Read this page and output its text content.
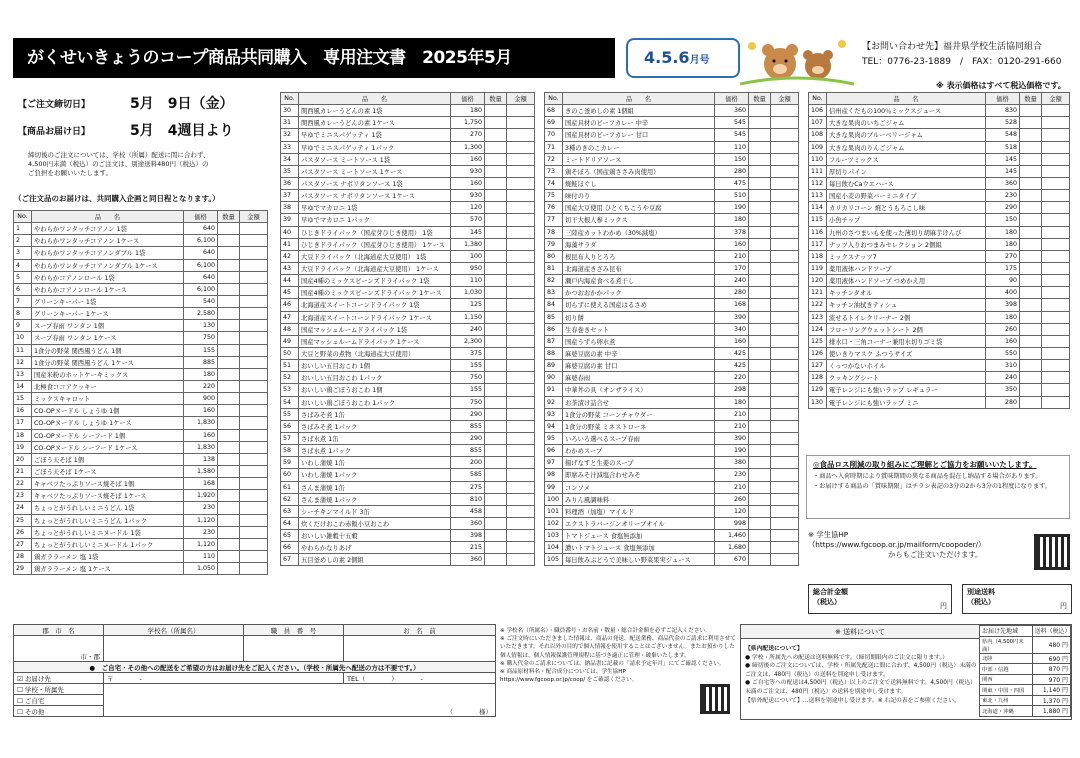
がくせいきょうのコープ商品共同購入　専用注文書　2025年5月	4.5.6月号
【お問い合わせ先】福井県学校生活協同組合
TEL：0776-23-1889　/　FAX：0120-291-660
※ 表示価格はすべて税込価格です。
【ご注文締切日】	5月　9日（金）
【商品お届け日】	5月　4週目より
締切後のご注文については、学校（所属）配送に間に合わず、
4,500円未満（税込）のご注文は、別途送料480円（税込）の
ご負担をお願いいたします。
（ご注文品のお届けは、共同購入企画と同日程となります。）
No.	品　　名	価格	数量	金額
1	やわらかワンタッチコアノン 1袋	640		
2	やわらかワンタッチコアノン 1ケース	6,100		
3	やわらかワンタッチコアノンダブル 1袋	640		
4	やわらかワンタッチコアノンダブル 1ケース	6,100		
5	やわらかコアノンロール 1袋	640		
6	やわらかコアノンロール 1ケース	6,100		
7	グリーンキーパー 1袋	540		
8	グリーンキーパー 1ケース	2,580		
9	スープ春雨 ワンタン 1個	130		
10	スープ春雨 ワンタン 1ケース	750		
11	1食分の野菜 関西風うどん 1個	155		
12	1食分の野菜 関西風うどん 1ケース	885		
13	国産米粉のホットケーキミックス	180		
14	北極食ココアクッキー	220		
15	ミックスキャロット	900		
16	CO-OPヌードル しょうゆ 1個	160		
17	CO-OPヌードル しょうゆ 1ケース	1,830		
18	CO-OPヌードル シーフード 1個	160		
19	CO-OPヌードル シーフード 1ケース	1,830		
20	ごぼう天そば 1個	138		
21	ごぼう天そば 1ケース	1,580		
22	キャベツたっぷりソース焼そば 1個	168		
23	キャベツたっぷりソース焼そば 1ケース	1,920		
24	ちょっとがうれしいミニうどん 1袋	230		
25	ちょっとがうれしいミニうどん 1パック	1,120		
26	ちょっとがうれしいミニヌードル 1袋	230		
27	ちょっとがうれしいミニヌードル 1パック	1,120		
28	鶏ガララーメン 塩 1袋	110		
29	鶏ガララーメン 塩 1ケース	1,050		
No.	品　　名	価格	数量	金額
30	関西風カレーうどんの素 1袋	180		
31	関西風カレーうどんの素 1ケース	1,750		
32	早ゆでミニスパゲッティ 1袋	270		
33	早ゆでミニスパゲッティ 1パック	1,300		
34	パスタソース ミートソース 1袋	160		
35	パスタソース ミートソース 1ケース	930		
36	パスタソース ナポリタンソース 1袋	160		
37	パスタソース ナポリタンソース 1ケース	930		
38	早ゆでマカロニ 1袋	120		
39	早ゆでマカロニ 1パック	570		
40	ひじきドライパック（国産芽ひじき使用） 1袋	145		
41	ひじきドライパック（国産芽ひじき使用） 1ケース	1,380		
42	大豆ドライパック（北海道産大豆使用） 1袋	100		
43	大豆ドライパック（北海道産大豆使用） 1ケース	950		
44	国産4種のミックスビーンズドライパック 1袋	110		
45	国産4種のミックスビーンズドライパック 1ケース	1,030		
46	北海道産スイートコーンドライパック 1袋	125		
47	北海道産スイートコーンドライパック 1ケース	1,150		
48	国産マッシュルームドライパック 1袋	240		
49	国産マッシュルームドライパック 1ケース	2,300		
50	大豆と野菜の煮物（北海道産大豆使用）	375		
51	おいしい五目おこわ 1個	155		
52	おいしい五目おこわ 1パック	750		
53	おいしい鶏ごぼうおこわ 1個	155		
54	おいしい鶏ごぼうおこわ 1パック	750		
55	さばみそ煮 1缶	290		
56	さばみそ煮 1パック	855		
57	さば水煮 1缶	290		
58	さば水煮 1パック	855		
59	いわし蒲焼 1缶	200		
60	いわし蒲焼 1パック	585		
61	さんま蒲焼 1缶	275		
62	さんま蒲焼 1パック	810		
63	シーチキンマイルド 3缶	458		
64	炊くだけおこわ赤飯小豆おこわ	360		
65	おいしい雑穀十五穀	398		
66	やわらかなりあげ	215		
67	五目釜めしの素 2個組	360		
No.	品　　名	価格	数量	金額
68	きのこ釜めしの素 1個組	360		
69	国産具材のビーフカレー 中辛	545		
70	国産具材のビーフカレー 甘口	545		
71	3種のきのこカレー	110		
72	ミートドリアソース	150		
73	鶏そぼろ（国産鶏ささみ肉使用）	280		
74	焼鮭ほぐし	475		
75	味付のり	510		
76	国産大豆使用 ひとくちこうや豆腐	190		
77	切干大根人参ミックス	180		
78	三陸産カットわかめ（30%減塩）	378		
79	海藻サラダ	160		
80	根昆布入りとろろ	210		
81	北海道産きざみ昆布	170		
82	瀬戸内海産食べる煮干し	240		
83	かつおおかかパック	280		
84	切らずに使える国産はるさめ	168		
85	切り餅	390		
86	生春巻きセット	340		
87	国産うずら卵水煮	160		
88	麻婆豆腐の素 中辛	425		
89	麻婆豆腐の素 甘口	425		
90	麻婆春雨	220		
91	中華丼の具（オンザライス）	298		
92	お茶漬け詰合せ	180		
93	1食分の野菜 コーンチャウダー	210		
94	1食分の野菜 ミネストローネ	210		
95	いろいろ選べるスープ春雨	390		
96	わかめスープ	190		
97	揚げなすと生姜のスープ	380		
98	即席みそ汁減塩合わせみそ	230		
99	コンソメ	210		
100	みりん風調味料	260		
101	料理酒（加塩）マイルド	120		
102	エクストラバージンオリーブオイル	998		
103	トマトジュース 食塩無添加	1,460		
104	濃いトマトジュース 食塩無添加	1,680		
105	毎日飲みぶどうで美味しい野菜果実ジュース	670		
No.	品　　名	価格	数量	金額
106	信州産くだもの100％ミックスジュース	830		
107	大きな果肉のいちごジャム	528		
108	大きな果肉のブルーベリージャム	548		
109	大きな果肉のりんごジャム	518		
110	フルーツミックス	145		
111	厚切りパイン	145		
112	毎日飲むCaウエハース	360		
113	国産小麦の野菜バーミニタイプ	230		
114	カリカリコーン 焼とうもろこし味	290		
115	小魚チップ	150		
116	九州のさつまいもを使った薄切り胡麻芋けんぴ	180		
117	ナッツ入りおつまみセレクション 2個組	180		
118	ミックスナッツ7	270		
119	薬用液体ハンドソープ	175		
120	薬用液体ハンドソープ つめかえ用	90		
121	キッチンタオル	400		
122	キッチン油拭きティシュ	398		
123	流せるトイレクリーナー 2個	180		
124	フローリングウェットシート 2個	260		
125	排水口・三角コーナー兼用水切りゴミ袋	160		
126	使いきりマスク ふつうサイズ	550		
127	くっつかないホイル	310		
128	クッキングシート	240		
129	電子レンジにも強いラップ レギュラー	350		
130	電子レンジにも強いラップ ミニ	280		
◎食品ロス削減の取り組みにご理解とご協力をお願いいたします。
・商品へ入荷時期により賞味期間の異なる商品を混在し納品する場合があります。
・お届けする商品の「賞味期限」はチラシ表記の3分の2から3分の1程度になります。
※ 学生協HP
（https://www.fgcoop.or.jp/mailform/coopoder/）
からもご注文いただけます。
総合計金額
（税込）	円
別途送料
（税込）	円
郡　市　名	学校名（所属名）	職　員　番　号	お　名　前
市・郡			
●　ご自宅・その他への配送をご希望の方はお届け先をご記入ください。（学校・所属先へ配送の方は不要です。）			
☑ お届け先	〒　　　　-		TEL（　　　　）　　　　-
☐ 学校・所属先	（　　　　様）		
☐ ご自宅			
☐ その他			
※ 学校名（所属名）・職員番号・お名前・数量・総合計金額を必ずご記入ください。
※ ご注文時にいただきました情報は、商品の発送、配送業務、商品代金のご請求に利用させていただきます。それ以外の目的で個人情報を使用することはございません。またお預かりした個人情報は、個人情報保護管理規程に基づき適正に管理・破棄いたします。
※ 購入代金のご請求については、納品書に記載の「請求予定年月」にてご確認ください。
※ 商品原材料名・配合成分については、学生協HP
https://www.fgcoop.or.jp/coop/ をご確認ください。
※ 送料について
【県内配送について】
● 学校・所属先への配送は送料無料です。（締切期限内のご注文に限ります。）
● 締切後のご注文については、学校・所属先配送に間に合わず、4,500円（税込）未満のご注文は、480円（税込）の送料を別途申し受けます。
● ご自宅等への配送は4,500円（税込）以上のご注文で送料無料です。4,500円（税込）未満のご注文は、480円（税込）の送料を別途申し受けます。
【県外配送について】…送料を別途申し受けます。※ 右記の表をご参照ください。
お届け先地域	送料（税込）
県内（4,500円未満）	480 円
北陸	690 円
中部・信越	870 円
関西	970 円
関東・中国・四国	1,140 円
東北・九州	1,370 円
北海道・沖縄	1,880 円
